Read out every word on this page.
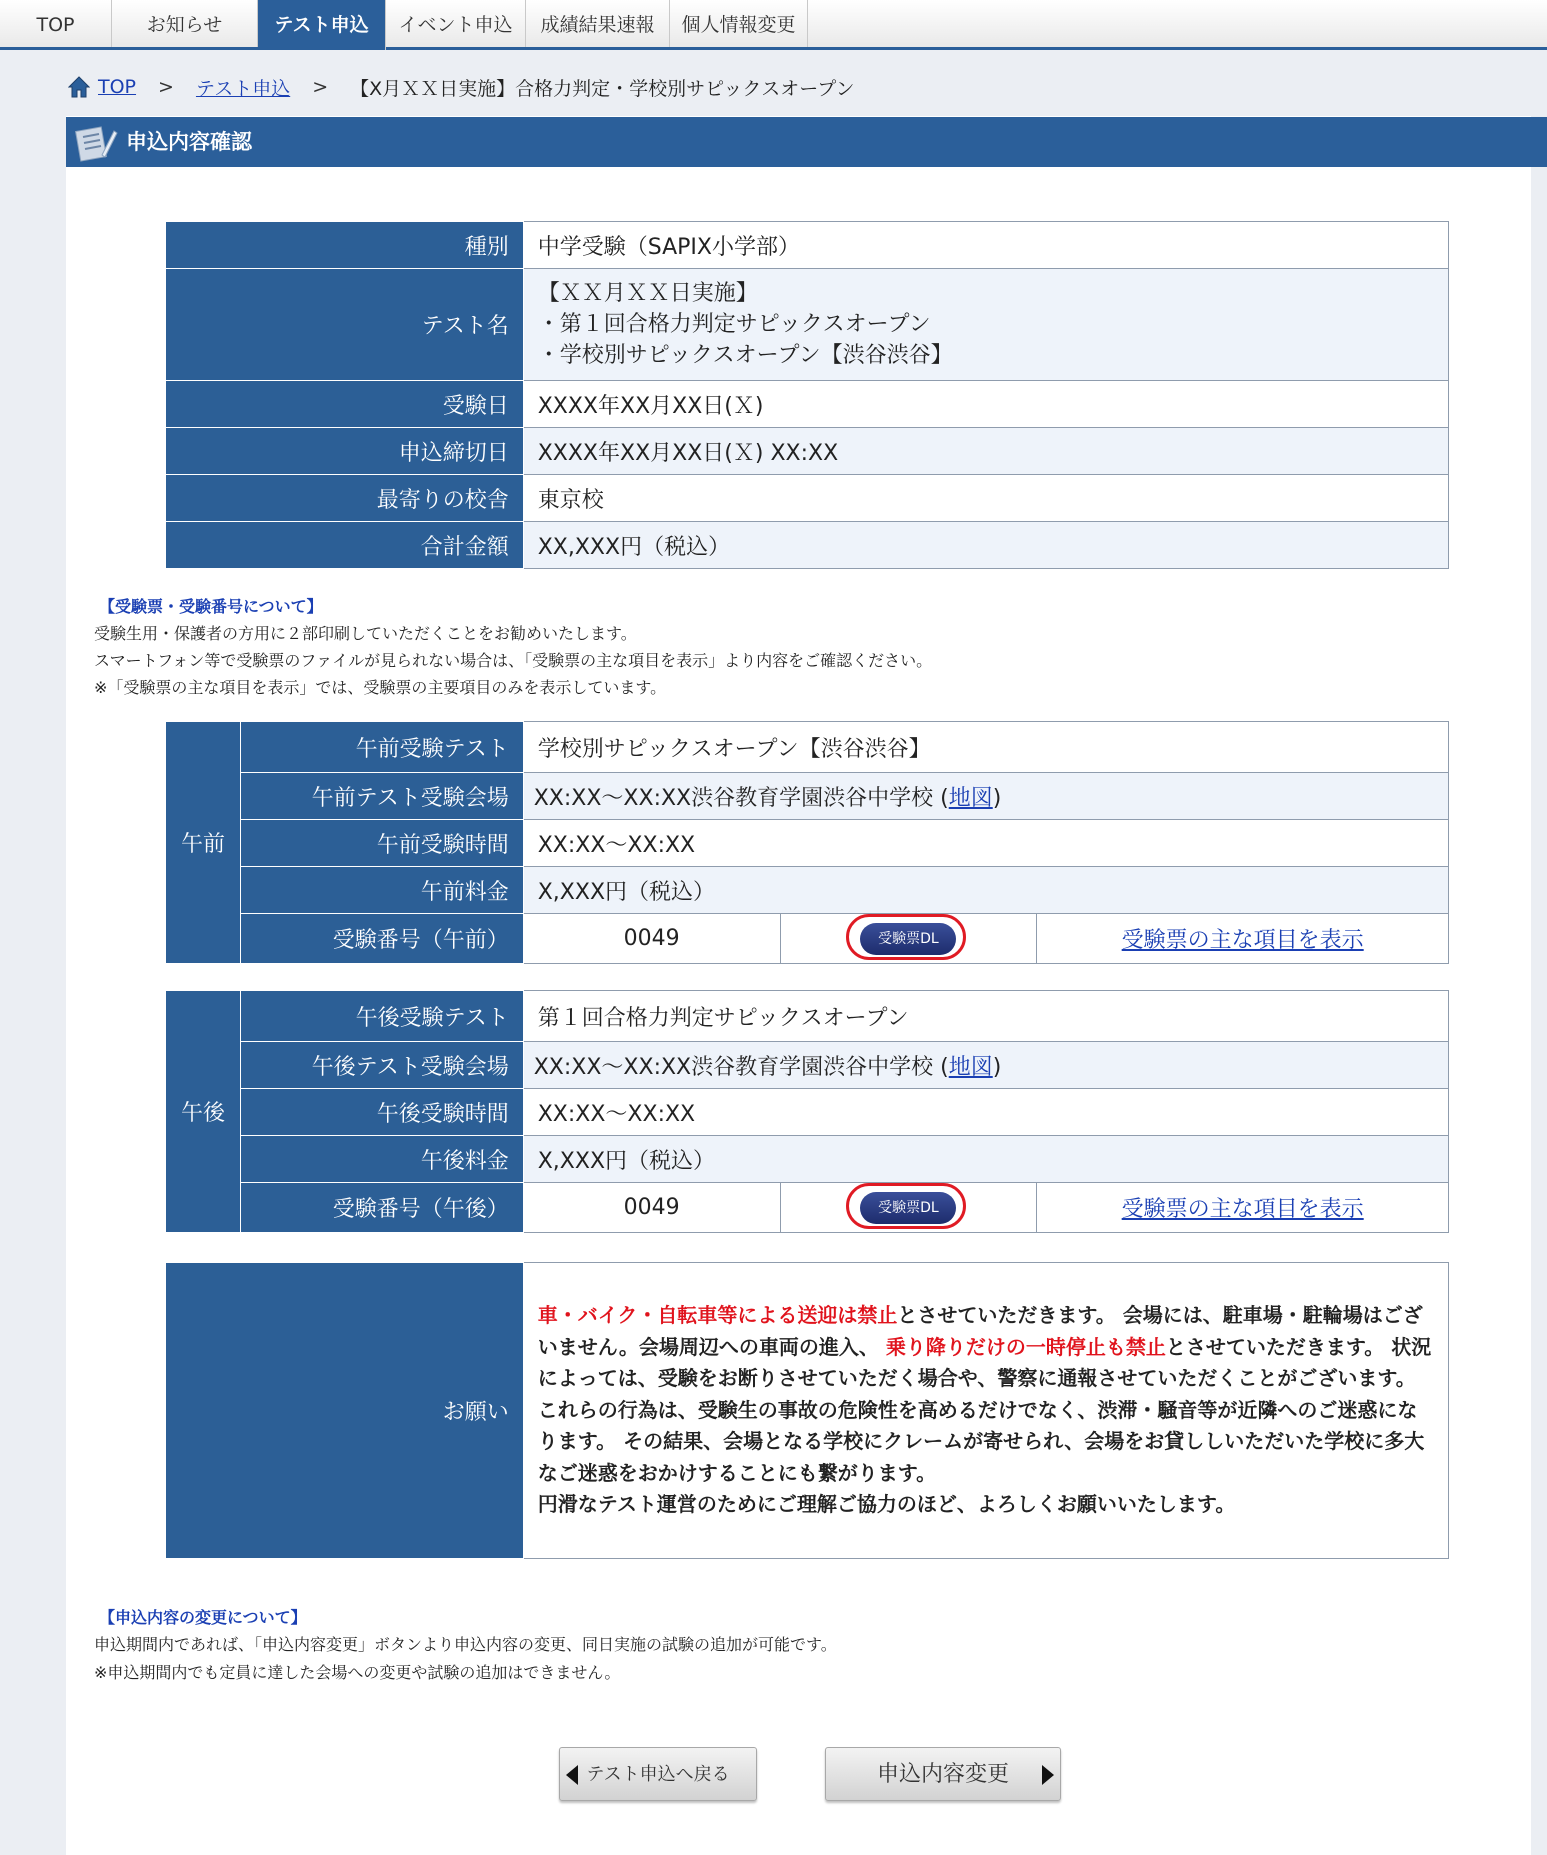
TOP	お知らせ	テスト申込	イベント申込	成績結果速報	個人情報変更
TOP > テスト申込 > 【X月ＸＸ日実施】合格力判定・学校別サピックスオープン
申込内容確認
種別	中学受験（SAPIX小学部）
テスト名	【ＸＸ月ＸＸ日実施】
・第１回合格力判定サピックスオープン
・学校別サピックスオープン【渋谷渋谷】

受験日	XXXX年XX月XX日(Ｘ)
申込締切日	XXXX年XX月XX日(Ｘ) XX:XX
最寄りの校舎	東京校
合計金額	XX,XXX円（税込）
【受験票・受験番号について】
受験生用・保護者の方用に２部印刷していただくことをお勧めいたします。
スマートフォン等で受験票のファイルが見られない場合は、「受験票の主な項目を表示」より内容をご確認ください。
※「受験票の主な項目を表示」では、受験票の主要項目のみを表示しています。
午前	午前受験テスト	学校別サピックスオープン【渋谷渋谷】		
	午前テスト受験会場	XX:XX～XX:XX渋谷教育学園渋谷中学校 (地図)		
	午前受験時間	XX:XX～XX:XX		
	午前料金	X,XXX円（税込）		
	受験番号（午前）	0049	受験票DL	受験票の主な項目を表示
午後	午後受験テスト	第１回合格力判定サピックスオープン		
	午後テスト受験会場	XX:XX～XX:XX渋谷教育学園渋谷中学校 (地図)		
	午後受験時間	XX:XX～XX:XX		
	午後料金	X,XXX円（税込）		
	受験番号（午後）	0049	受験票DL	受験票の主な項目を表示
お願い	
車・バイク・自転車等による送迎は禁止とさせていただきます。 会場には、駐車場・駐輪場はございません。会場周辺への車両の進入、 乗り降りだけの一時停止も禁止とさせていただきます。 状況によっては、受験をお断りさせていただく場合や、警察に通報させていただくことがございます。
これらの行為は、受験生の事故の危険性を高めるだけでなく、渋滞・騒音等が近隣へのご迷惑になります。 その結果、会場となる学校にクレームが寄せられ、会場をお貸ししいただいた学校に多大なご迷惑をおかけすることにも繋がります。
円滑なテスト運営のためにご理解ご協力のほど、よろしくお願いいたします。
【申込内容の変更について】
申込期間内であれば、「申込内容変更」ボタンより申込内容の変更、同日実施の試験の追加が可能です。
※申込期間内でも定員に達した会場への変更や試験の追加はできません。
テスト申込へ戻る	申込内容変更
